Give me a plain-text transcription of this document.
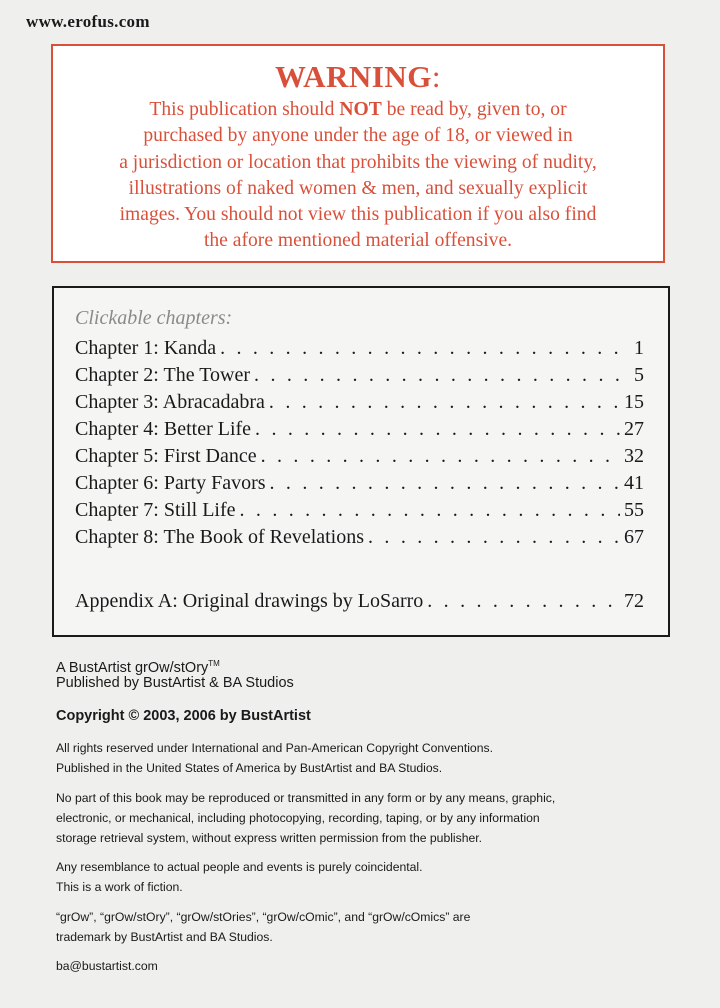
www.erofus.com
WARNING:
This publication should NOT be read by, given to, or
purchased by anyone under the age of 18, or viewed in
a jurisdiction or location that prohibits the viewing of nudity,
illustrations of naked women & men, and sexually explicit
images. You should not view this publication if you also find
the afore mentioned material offensive.
Clickable chapters:
Chapter 1: Kanda . . .	1
Chapter 2: The Tower . . .	5
Chapter 3: Abracadabra . . .	15
Chapter 4: Better Life . . .	27
Chapter 5: First Dance . . .	32
Chapter 6: Party Favors . . .	41
Chapter 7: Still Life . . .	55
Chapter 8: The Book of Revelations . . .	67
Appendix A: Original drawings by LoSarro . . .	72
A BustArtist grOw/stOry™
Published by BustArtist & BA Studios
Copyright © 2003, 2006 by BustArtist
All rights reserved under International and Pan-American Copyright Conventions.
Published in the United States of America by BustArtist and BA Studios.
No part of this book may be reproduced or transmitted in any form or by any means, graphic,
electronic, or mechanical, including photocopying, recording, taping, or by any information
storage retrieval system, without express written permission from the publisher.
Any resemblance to actual people and events is purely coincidental.
This is a work of fiction.
“grOw”, “grOw/stOry”, “grOw/stOries”, “grOw/cOmic”, and “grOw/cOmics” are
trademark by BustArtist and BA Studios.
ba@bustartist.com
